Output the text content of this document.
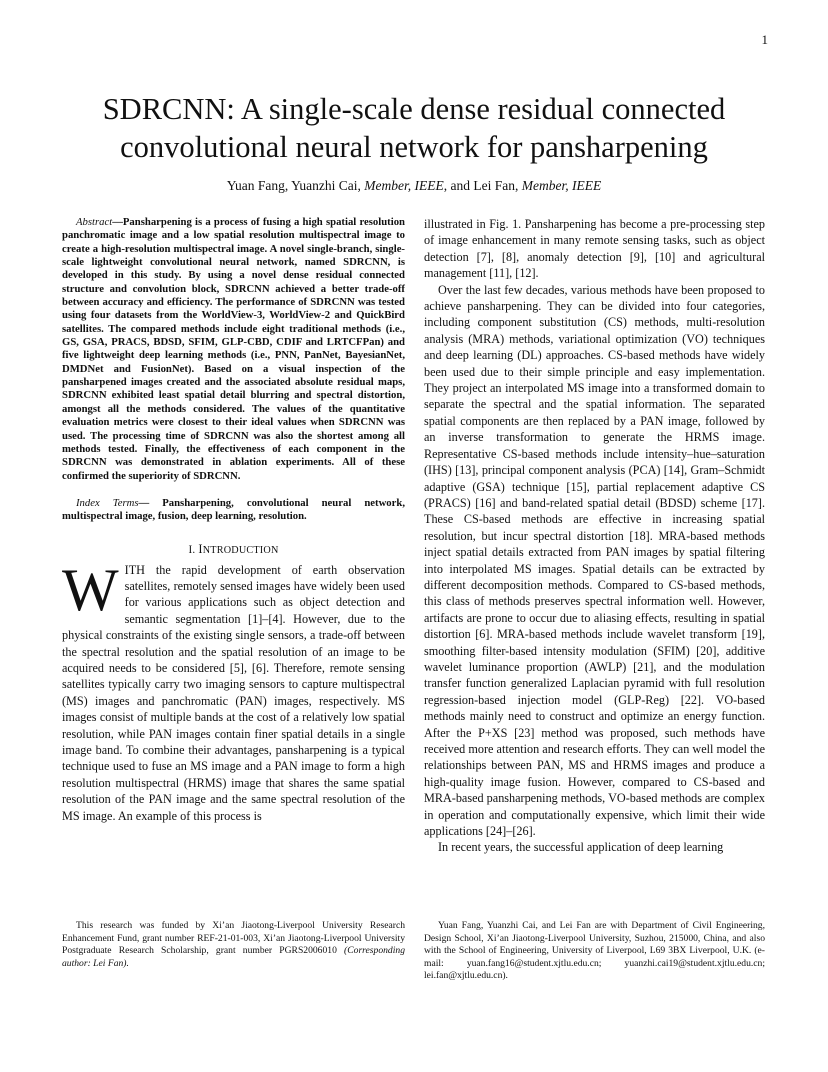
1
SDRCNN: A single-scale dense residual connected convolutional neural network for pansharpening
Yuan Fang, Yuanzhi Cai, Member, IEEE, and Lei Fan, Member, IEEE

Abstract—Pansharpening is a process of fusing a high spatial resolution panchromatic image and a low spatial resolution multispectral image to create a high-resolution multispectral image. A novel single-branch, single-scale lightweight convolutional neural network, named SDRCNN, is developed in this study. By using a novel dense residual connected structure and convolution block, SDRCNN achieved a better trade-off between accuracy and efficiency. The performance of SDRCNN was tested using four datasets from the WorldView-3, WorldView-2 and QuickBird satellites. The compared methods include eight traditional methods (i.e., GS, GSA, PRACS, BDSD, SFIM, GLP-CBD, CDIF and LRTCFPan) and five lightweight deep learning methods (i.e., PNN, PanNet, BayesianNet, DMDNet and FusionNet). Based on a visual inspection of the pansharpened images created and the associated absolute residual maps, SDRCNN exhibited least spatial detail blurring and spectral distortion, amongst all the methods considered. The values of the quantitative evaluation metrics were closest to their ideal values when SDRCNN was used. The processing time of SDRCNN was also the shortest among all methods tested. Finally, the effectiveness of each component in the SDRCNN was demonstrated in ablation experiments. All of these confirmed the superiority of SDRCNN.

Index Terms— Pansharpening, convolutional neural network, multispectral image, fusion, deep learning, resolution.

I. INTRODUCTION

WITH the rapid development of earth observation satellites, remotely sensed images have widely been used for various applications such as object detection and semantic segmentation [1]–[4]. However, due to the physical constraints of the existing single sensors, a trade-off between the spectral resolution and the spatial resolution of an image to be acquired needs to be considered [5], [6]. Therefore, remote sensing satellites typically carry two imaging sensors to capture multispectral (MS) images and panchromatic (PAN) images, respectively. MS images consist of multiple bands at the cost of a relatively low spatial resolution, while PAN images contain finer spatial details in a single image band. To combine their advantages, pansharpening is a typical technique used to fuse an MS image and a PAN image to form a high resolution multispectral (HRMS) image that shares the same spatial resolution of the PAN image and the same spectral resolution of the MS image. An example of this process is

illustrated in Fig. 1. Pansharpening has become a pre-processing step of image enhancement in many remote sensing tasks, such as object detection [7], [8], anomaly detection [9], [10] and agricultural management [11], [12].

Over the last few decades, various methods have been proposed to achieve pansharpening. They can be divided into four categories, including component substitution (CS) methods, multi-resolution analysis (MRA) methods, variational optimization (VO) techniques and deep learning (DL) approaches. CS-based methods have widely been used due to their simple principle and easy implementation. They project an interpolated MS image into a transformed domain to separate the spectral and the spatial information. The separated spatial components are then replaced by a PAN image, followed by an inverse transformation to generate the HRMS image. Representative CS-based methods include intensity–hue–saturation (IHS) [13], principal component analysis (PCA) [14], Gram–Schmidt adaptive (GSA) technique [15], partial replacement adaptive CS (PRACS) [16] and band-related spatial detail (BDSD) scheme [17]. These CS-based methods are effective in increasing spatial resolution, but incur spectral distortion [18]. MRA-based methods inject spatial details extracted from PAN images by spatial filtering into interpolated MS images. Spatial details can be extracted by different decomposition methods. Compared to CS-based methods, this class of methods preserves spectral information well. However, artifacts are prone to occur due to aliasing effects, resulting in spatial distortion [6]. MRA-based methods include wavelet transform [19], smoothing filter-based intensity modulation (SFIM) [20], additive wavelet luminance proportion (AWLP) [21], and the modulation transfer function generalized Laplacian pyramid with full resolution regression-based injection model (GLP-Reg) [22]. VO-based methods mainly need to construct and optimize an energy function. After the P+XS [23] method was proposed, such methods have received more attention and research efforts. They can well model the relationships between PAN, MS and HRMS images and produce a high-quality image fusion. However, compared to CS-based and MRA-based pansharpening methods, VO-based methods are complex in operation and computationally expensive, which limit their wide applications [24]–[26].

In recent years, the successful application of deep learning

This research was funded by Xi’an Jiaotong-Liverpool University Research Enhancement Fund, grant number REF-21-01-003, Xi’an Jiaotong-Liverpool University Postgraduate Research Scholarship, grant number PGRS2006010 (Corresponding author: Lei Fan).

Yuan Fang, Yuanzhi Cai, and Lei Fan are with Department of Civil Engineering, Design School, Xi’an Jiaotong-Liverpool University, Suzhou, 215000, China, and also with the School of Engineering, University of Liverpool, L69 3BX Liverpool, U.K. (e-mail: yuan.fang16@student.xjtlu.edu.cn; yuanzhi.cai19@student.xjtlu.edu.cn; lei.fan@xjtlu.edu.cn).
